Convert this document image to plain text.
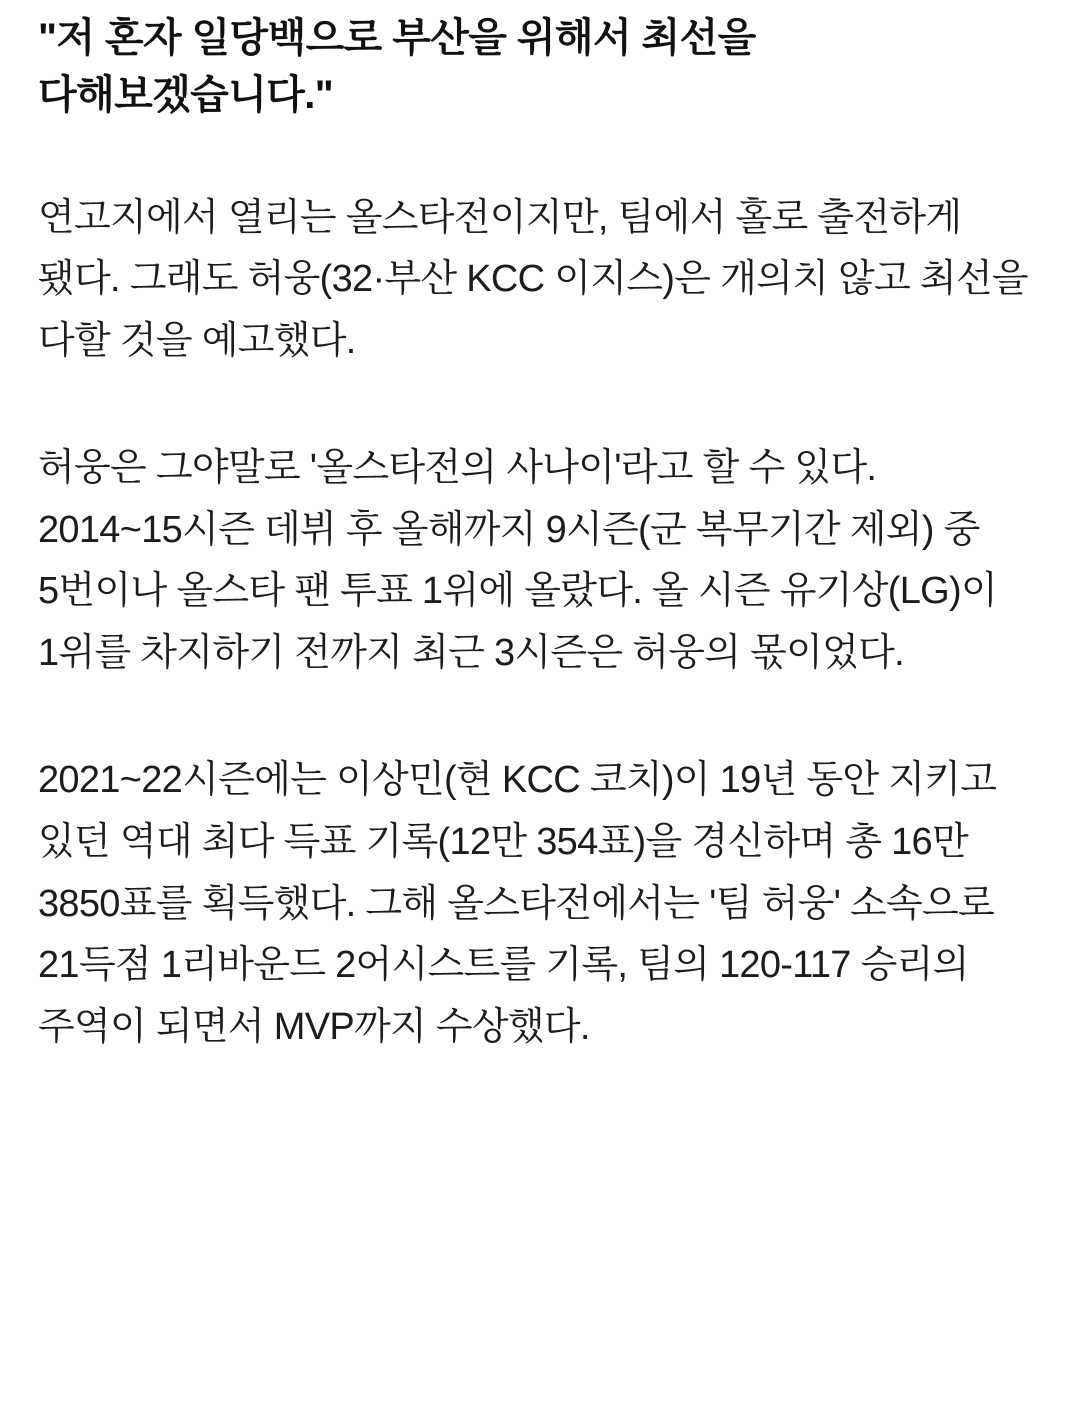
"저 혼자 일당백으로 부산을 위해서 최선을 다해보겠습니다."

연고지에서 열리는 올스타전이지만, 팀에서 홀로 출전하게 됐다. 그래도 허웅(32·부산 KCC 이지스)은 개의치 않고 최선을 다할 것을 예고했다.

허웅은 그야말로 '올스타전의 사나이'라고 할 수 있다. 2014~15시즌 데뷔 후 올해까지 9시즌(군 복무기간 제외) 중 5번이나 올스타 팬 투표 1위에 올랐다. 올 시즌 유기상(LG)이 1위를 차지하기 전까지 최근 3시즌은 허웅의 몫이었다.

2021~22시즌에는 이상민(현 KCC 코치)이 19년 동안 지키고 있던 역대 최다 득표 기록(12만 354표)을 경신하며 총 16만 3850표를 획득했다. 그해 올스타전에서는 '팀 허웅' 소속으로 21득점 1리바운드 2어시스트를 기록, 팀의 120-117 승리의 주역이 되면서 MVP까지 수상했다.
